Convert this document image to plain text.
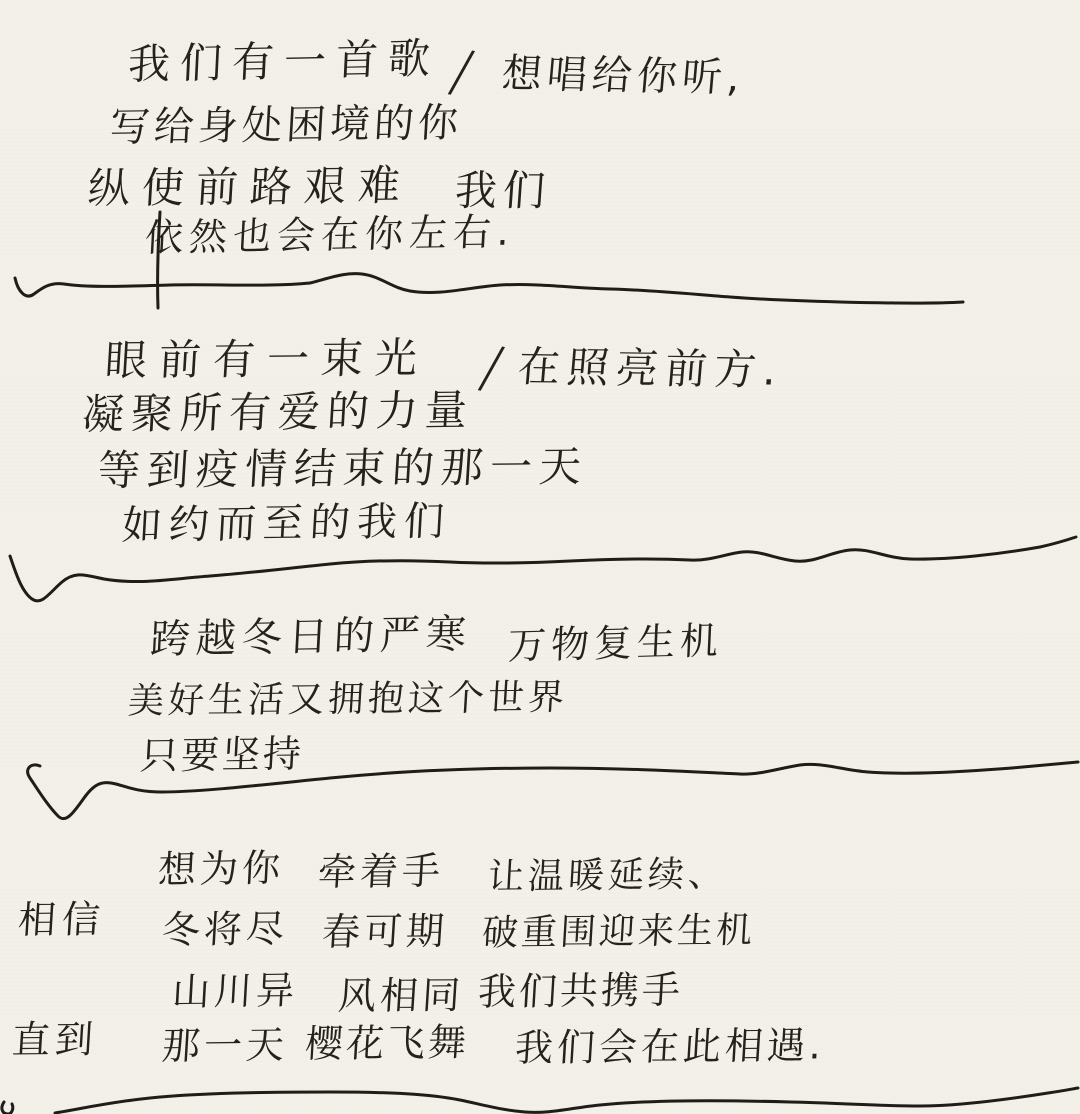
我们有一首歌 / 想唱给你听,
写给身处困境的你
纵使前路艰难 我们
依然也会在你左右.
眼前有一束光 / 在照亮前方.
凝聚所有爱的力量
等到疫情结束的那一天
如约而至的我们
跨越冬日的严寒 万物复生机
美好生活又拥抱这个世界
只要坚持
想为你 牵着手 让温暖延续、
相信 冬将尽 春可期 破重围迎来生机
山川异 风相同 我们共携手
直到 那一天 樱花飞舞 我们会在此相遇.
